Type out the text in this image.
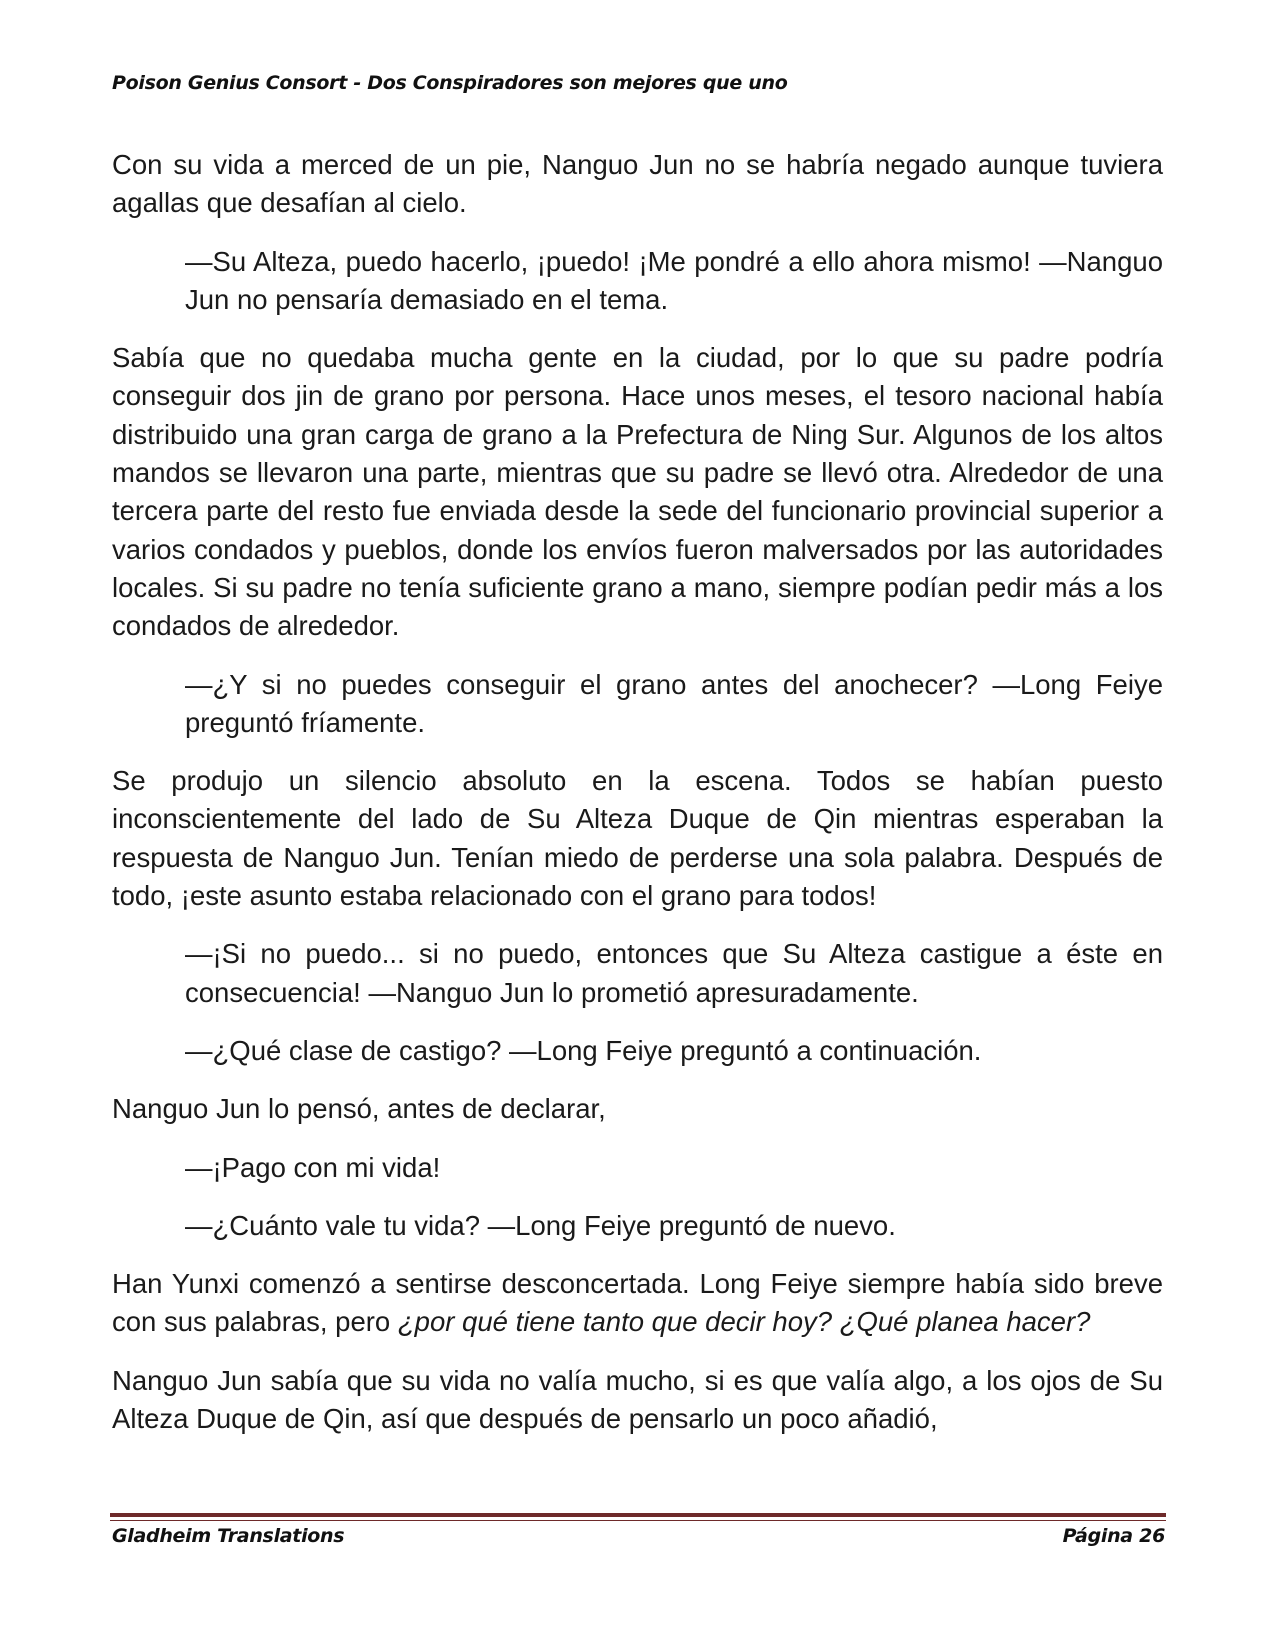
Poison Genius Consort - Dos Conspiradores son mejores que uno

Con su vida a merced de un pie, Nanguo Jun no se habría negado aunque tuviera agallas que desafían al cielo.

—Su Alteza, puedo hacerlo, ¡puedo! ¡Me pondré a ello ahora mismo! —Nanguo Jun no pensaría demasiado en el tema.

Sabía que no quedaba mucha gente en la ciudad, por lo que su padre podría conseguir dos jin de grano por persona. Hace unos meses, el tesoro nacional había distribuido una gran carga de grano a la Prefectura de Ning Sur. Algunos de los altos mandos se llevaron una parte, mientras que su padre se llevó otra. Alrededor de una tercera parte del resto fue enviada desde la sede del funcionario provincial superior a varios condados y pueblos, donde los envíos fueron malversados por las autoridades locales. Si su padre no tenía suficiente grano a mano, siempre podían pedir más a los condados de alrededor.

—¿Y si no puedes conseguir el grano antes del anochecer? —Long Feiye preguntó fríamente.

Se produjo un silencio absoluto en la escena. Todos se habían puesto inconscientemente del lado de Su Alteza Duque de Qin mientras esperaban la respuesta de Nanguo Jun. Tenían miedo de perderse una sola palabra. Después de todo, ¡este asunto estaba relacionado con el grano para todos!

—¡Si no puedo... si no puedo, entonces que Su Alteza castigue a éste en consecuencia! —Nanguo Jun lo prometió apresuradamente.

—¿Qué clase de castigo? —Long Feiye preguntó a continuación.

Nanguo Jun lo pensó, antes de declarar,

—¡Pago con mi vida!

—¿Cuánto vale tu vida? —Long Feiye preguntó de nuevo.

Han Yunxi comenzó a sentirse desconcertada. Long Feiye siempre había sido breve con sus palabras, pero ¿por qué tiene tanto que decir hoy? ¿Qué planea hacer?

Nanguo Jun sabía que su vida no valía mucho, si es que valía algo, a los ojos de Su Alteza Duque de Qin, así que después de pensarlo un poco añadió,

Gladheim Translations	Página 26
